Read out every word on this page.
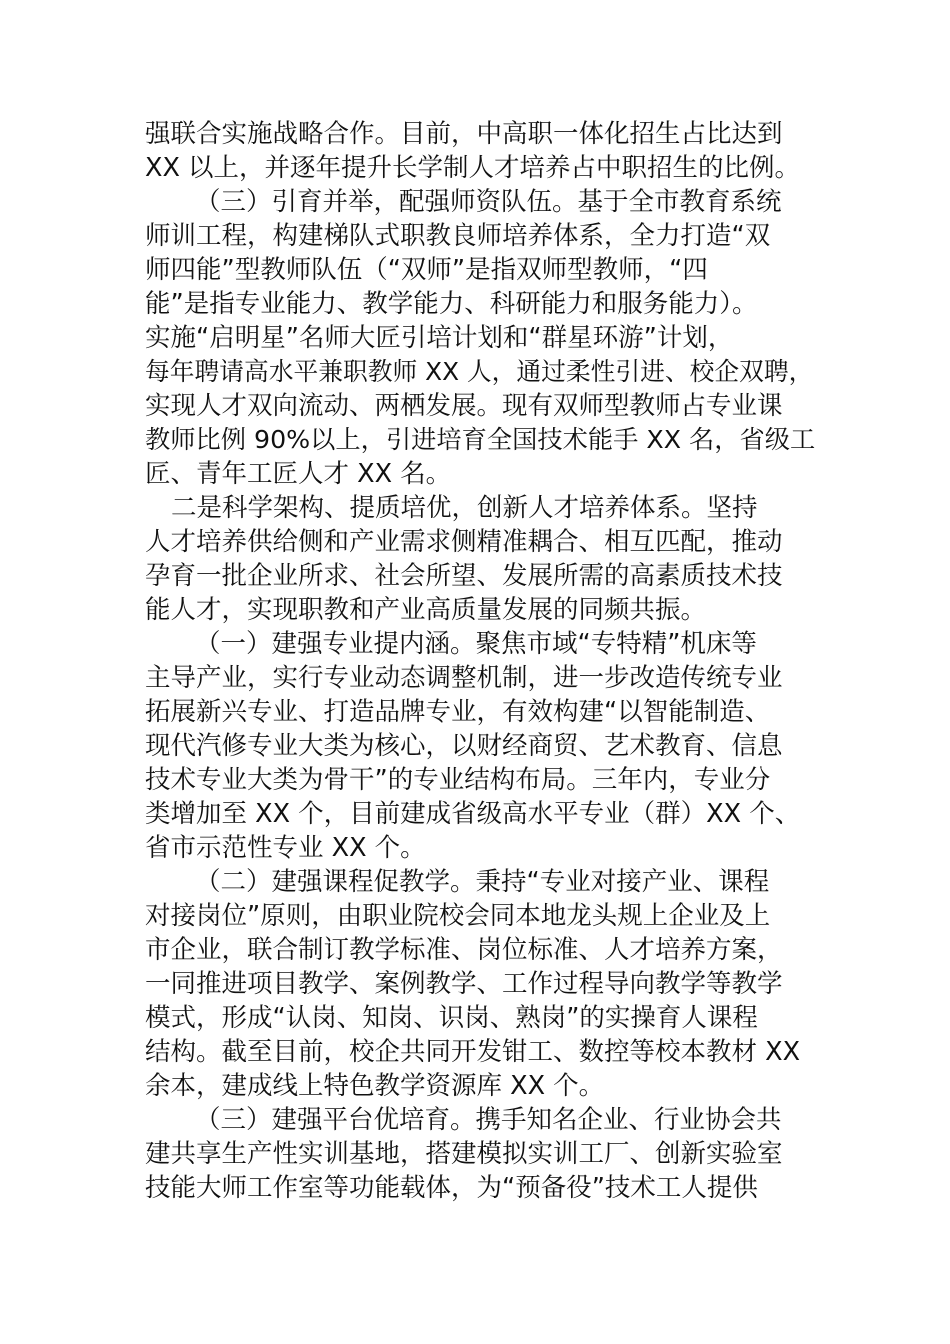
强联合实施战略合作。目前，中高职一体化招生占比达到
XX 以上，并逐年提升长学制人才培养占中职招生的比例。
（三）引育并举，配强师资队伍。基于全市教育系统
师训工程，构建梯队式职教良师培养体系，全力打造“双
师四能”型教师队伍（“双师”是指双师型教师，“四
能”是指专业能力、教学能力、科研能力和服务能力）。
实施“启明星”名师大匠引培计划和“群星环游”计划，
每年聘请高水平兼职教师 XX 人，通过柔性引进、校企双聘，
实现人才双向流动、两栖发展。现有双师型教师占专业课
教师比例 90%以上，引进培育全国技术能手 XX 名，省级工
匠、青年工匠人才 XX 名。
二是科学架构、提质培优，创新人才培养体系。坚持
人才培养供给侧和产业需求侧精准耦合、相互匹配，推动
孕育一批企业所求、社会所望、发展所需的高素质技术技
能人才，实现职教和产业高质量发展的同频共振。
（一）建强专业提内涵。聚焦市域“专特精”机床等
主导产业，实行专业动态调整机制，进一步改造传统专业
拓展新兴专业、打造品牌专业，有效构建“以智能制造、
现代汽修专业大类为核心，以财经商贸、艺术教育、信息
技术专业大类为骨干”的专业结构布局。三年内，专业分
类增加至 XX 个，目前建成省级高水平专业（群）XX 个、
省市示范性专业 XX 个。
（二）建强课程促教学。秉持“专业对接产业、课程
对接岗位”原则，由职业院校会同本地龙头规上企业及上
市企业，联合制订教学标准、岗位标准、人才培养方案，
一同推进项目教学、案例教学、工作过程导向教学等教学
模式，形成“认岗、知岗、识岗、熟岗”的实操育人课程
结构。截至目前，校企共同开发钳工、数控等校本教材 XX
余本，建成线上特色教学资源库 XX 个。
（三）建强平台优培育。携手知名企业、行业协会共
建共享生产性实训基地，搭建模拟实训工厂、创新实验室
技能大师工作室等功能载体，为“预备役”技术工人提供
